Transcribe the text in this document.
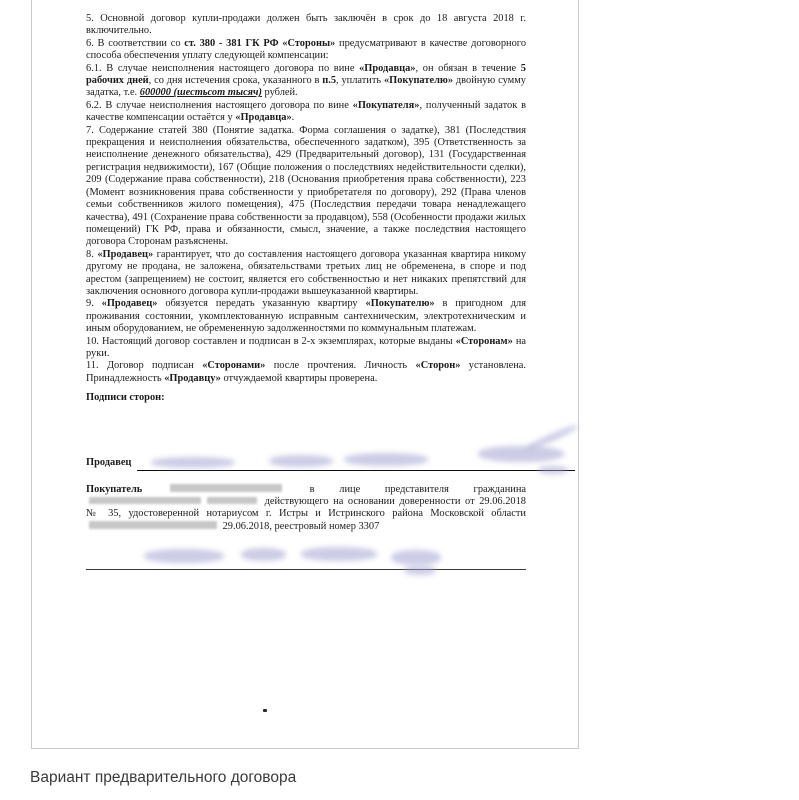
5. Основной договор купли-продажи должен быть заключён в срок до 18 августа 2018 г. включительно.

6. В соответствии со ст. 380 - 381 ГК РФ «Стороны» предусматривают в качестве договорного способа обеспечения уплату следующей компенсации:

6.1. В случае неисполнения настоящего договора по вине «Продавца», он обязан в течение 5 рабочих дней, со дня истечения срока, указанного в п.5, уплатить «Покупателю» двойную сумму задатка, т.е. 600000 (шестьсот тысяч) рублей.

6.2. В случае неисполнения настоящего договора по вине «Покупателя», полученный задаток в качестве компенсации остаётся у «Продавца».

7. Содержание статей 380 (Понятие задатка. Форма соглашения о задатке), 381 (Последствия прекращения и неисполнения обязательства, обеспеченного задатком), 395 (Ответственность за неисполнение денежного обязательства), 429 (Предварительный договор), 131 (Государственная регистрация недвижимости), 167 (Общие положения о последствиях недействительности сделки), 209 (Содержание права собственности), 218 (Основания приобретения права собственности), 223 (Момент возникновения права собственности у приобретателя по договору), 292 (Права членов семьи собственников жилого помещения), 475 (Последствия передачи товара ненадлежащего качества), 491 (Сохранение права собственности за продавцом), 558 (Особенности продажи жилых помещений) ГК РФ, права и обязанности, смысл, значение, а также последствия настоящего договора Сторонам разъяснены.

8. «Продавец» гарантирует, что до составления настоящего договора указанная квартира никому другому не продана, не заложена, обязательствами третьих лиц не обременена, в споре и под арестом (запрещением) не состоит, является его собственностью и нет никаких препятствий для заключения основного договора купли-продажи вышеуказанной квартиры.

9. «Продавец» обязуется передать указанную квартиру «Покупателю» в пригодном для проживания состоянии, укомплектованную исправным сантехническим, электротехническим и иным оборудованием, не обремененную задолженностями по коммунальным платежам.

10. Настоящий договор составлен и подписан в 2-х экземплярах, которые выданы «Сторонам» на руки.

11. Договор подписан «Сторонами» после прочтения. Личность «Сторон» установлена. Принадлежность «Продавцу» отчуждаемой квартиры проверена.

Подписи сторон:

Продавец

Покупатель	в лице представителя гражданина  действующего на основании доверенности от 29.06.2018 № 35, удостоверенной нотариусом г. Истры и Истринского района Московской области  29.06.2018, реестровый номер 3307

Вариант предварительного договора
